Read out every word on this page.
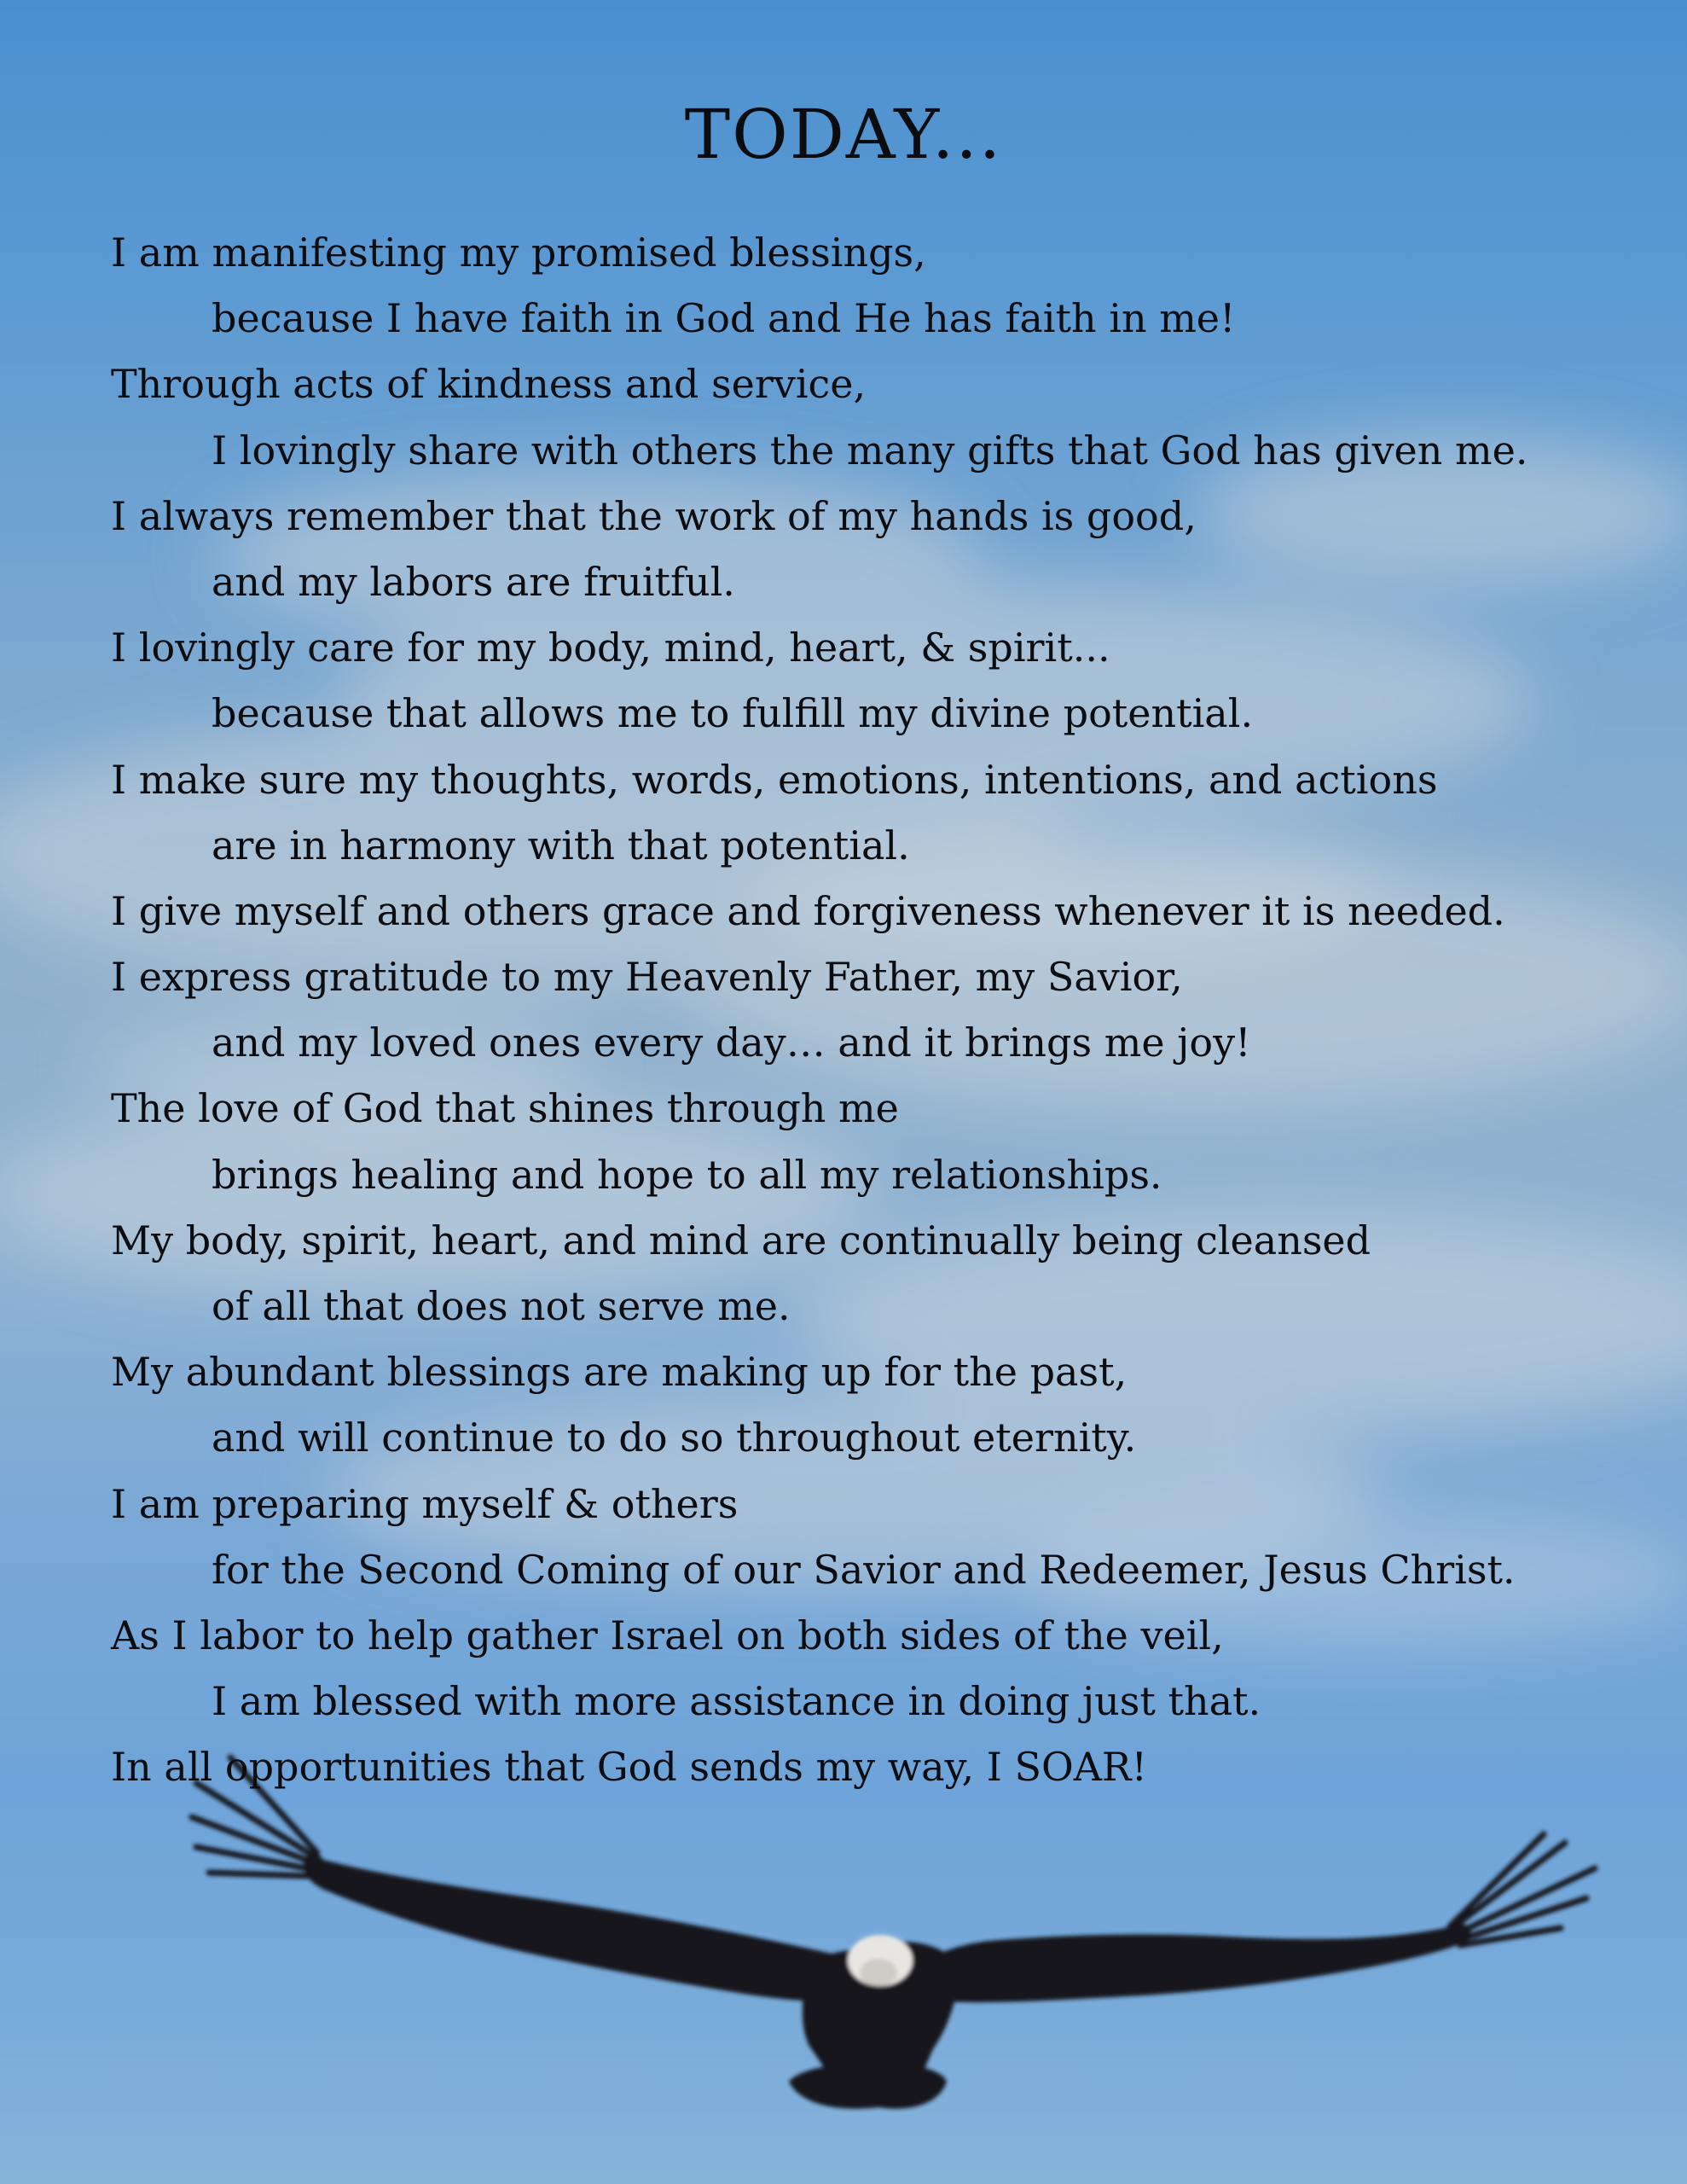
TODAY...
I am manifesting my promised blessings,
because I have faith in God and He has faith in me!
Through acts of kindness and service,
I lovingly share with others the many gifts that God has given me.
I always remember that the work of my hands is good,
and my labors are fruitful.
I lovingly care for my body, mind, heart, & spirit...
because that allows me to fulfill my divine potential.
I make sure my thoughts, words, emotions, intentions, and actions
are in harmony with that potential.
I give myself and others grace and forgiveness whenever it is needed.
I express gratitude to my Heavenly Father, my Savior,
and my loved ones every day… and it brings me joy!
The love of God that shines through me
brings healing and hope to all my relationships.
My body, spirit, heart, and mind are continually being cleansed
of all that does not serve me.
My abundant blessings are making up for the past,
and will continue to do so throughout eternity.
I am preparing myself & others
for the Second Coming of our Savior and Redeemer, Jesus Christ.
As I labor to help gather Israel on both sides of the veil,
I am blessed with more assistance in doing just that.
In all opportunities that God sends my way, I SOAR!
